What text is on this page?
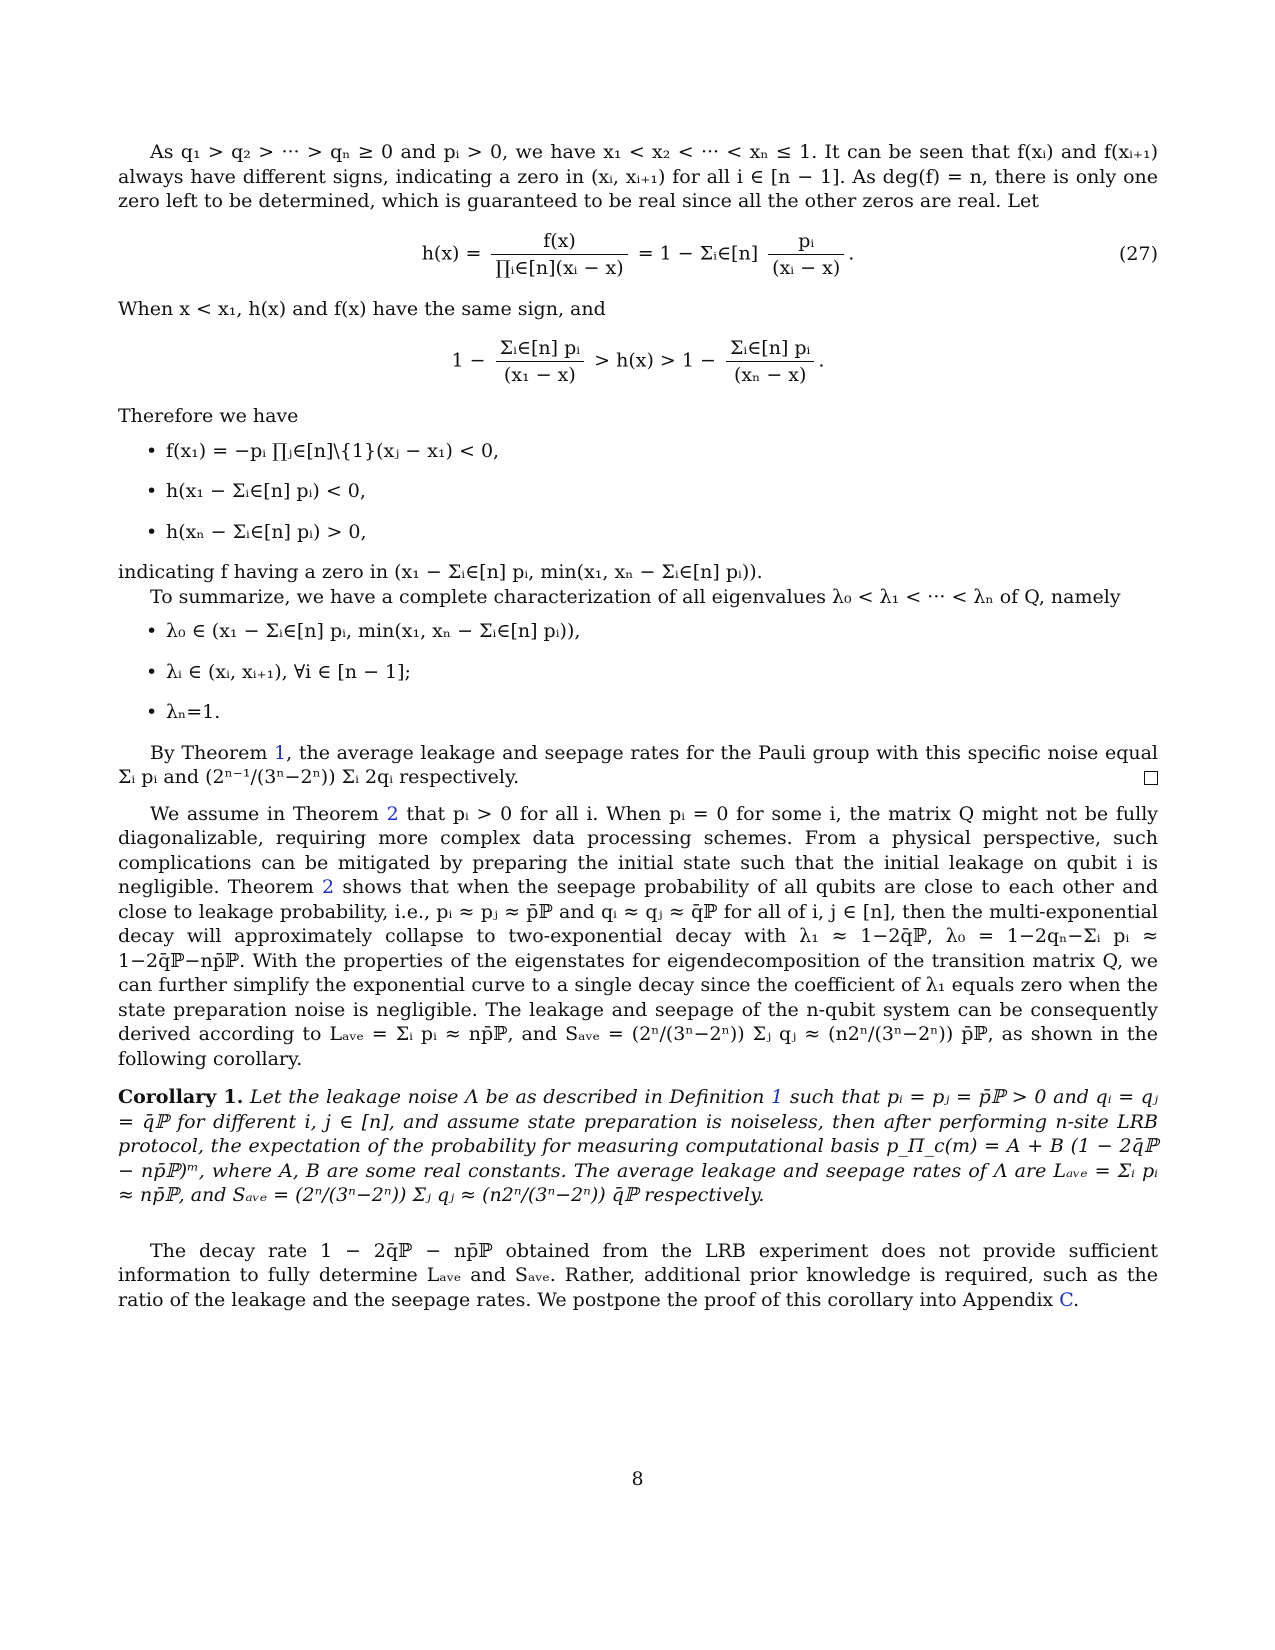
As q₁ > q₂ > ··· > qₙ ≥ 0 and pᵢ > 0, we have x₁ < x₂ < ··· < xₙ ≤ 1. It can be seen that f(xᵢ) and f(xᵢ₊₁) always have different signs, indicating a zero in (xᵢ, xᵢ₊₁) for all i ∈ [n − 1]. As deg(f) = n, there is only one zero left to be determined, which is guaranteed to be real since all the other zeros are real. Let

$h(x) = \frac{f(x)}{\text{∏ᵢ∈[n](xᵢ − x)}} = 1$ − Σᵢ∈[n] $\frac{\text{pᵢ}}{\text{(xᵢ − x)}}$ .	(27)

When x < x₁, h(x) and f(x) have the same sign, and

$1 - \frac{\text{Σᵢ∈[n] pᵢ}}{\text{(x₁ − x)}} > h(x) > 1 - \frac{\text{Σᵢ∈[n] pᵢ}}{\text{(xₙ − x)}}$ .

Therefore we have

• f(x₁) = −pᵢ ∏ⱼ∈[n]\{1}(xⱼ − x₁) < 0,
• h(x₁ − Σᵢ∈[n] pᵢ) < 0,
• h(xₙ − Σᵢ∈[n] pᵢ) > 0,

indicating f having a zero in (x₁ − Σᵢ∈[n] pᵢ, min(x₁, xₙ − Σᵢ∈[n] pᵢ)).

To summarize, we have a complete characterization of all eigenvalues λ₀ < λ₁ < ··· < λₙ of Q, namely

• λ₀ ∈ (x₁ − Σᵢ∈[n] pᵢ, min(x₁, xₙ − Σᵢ∈[n] pᵢ)),
• λᵢ ∈ (xᵢ, xᵢ₊₁), ∀i ∈ [n − 1];
• λₙ=1.

By Theorem 1, the average leakage and seepage rates for the Pauli group with this specific noise equal Σᵢ pᵢ and (2ⁿ⁻¹/(3ⁿ−2ⁿ)) Σᵢ 2qᵢ respectively.

We assume in Theorem 2 that pᵢ > 0 for all i. When pᵢ = 0 for some i, the matrix Q might not be fully diagonalizable, requiring more complex data processing schemes. From a physical perspective, such complications can be mitigated by preparing the initial state such that the initial leakage on qubit i is negligible. Theorem 2 shows that when the seepage probability of all qubits are close to each other and close to leakage probability, i.e., pᵢ ≈ pⱼ ≈ p̄ℙ and qᵢ ≈ qⱼ ≈ q̄ℙ for all of i, j ∈ [n], then the multi-exponential decay will approximately collapse to two-exponential decay with λ₁ ≈ 1−2q̄ℙ, λ₀ = 1−2qₙ−Σᵢ pᵢ ≈ 1−2q̄ℙ−np̄ℙ. With the properties of the eigenstates for eigendecomposition of the transition matrix Q, we can further simplify the exponential curve to a single decay since the coefficient of λ₁ equals zero when the state preparation noise is negligible. The leakage and seepage of the n-qubit system can be consequently derived according to Lₐᵥₑ = Σᵢ pᵢ ≈ np̄ℙ, and Sₐᵥₑ = (2ⁿ/(3ⁿ−2ⁿ)) Σⱼ qⱼ ≈ (n2ⁿ/(3ⁿ−2ⁿ)) p̄ℙ, as shown in the following corollary.

Corollary 1. Let the leakage noise Λ be as described in Definition 1 such that pᵢ = pⱼ = p̄ℙ > 0 and qᵢ = qⱼ = q̄ℙ for different i, j ∈ [n], and assume state preparation is noiseless, then after performing n-site LRB protocol, the expectation of the probability for measuring computational basis p_Π_c(m) = A + B (1 − 2q̄ℙ − np̄ℙ)ᵐ, where A, B are some real constants. The average leakage and seepage rates of Λ are Lₐᵥₑ = Σᵢ pᵢ ≈ np̄ℙ, and Sₐᵥₑ = (2ⁿ/(3ⁿ−2ⁿ)) Σⱼ qⱼ ≈ (n2ⁿ/(3ⁿ−2ⁿ)) q̄ℙ respectively.

The decay rate 1 − 2q̄ℙ − np̄ℙ obtained from the LRB experiment does not provide sufficient information to fully determine Lₐᵥₑ and Sₐᵥₑ. Rather, additional prior knowledge is required, such as the ratio of the leakage and the seepage rates. We postpone the proof of this corollary into Appendix C.

8
